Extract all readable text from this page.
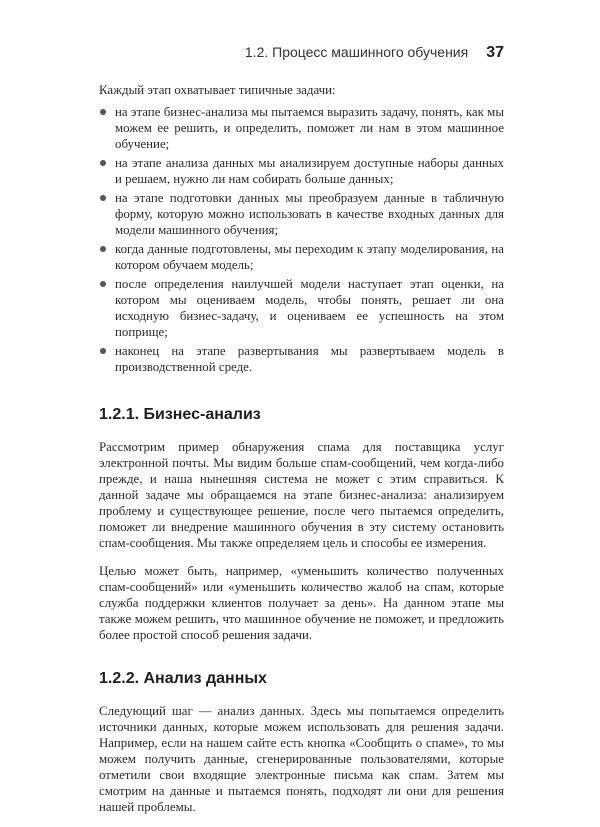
1.2. Процесс машинного обучения 37

Каждый этап охватывает типичные задачи:

на этапе бизнес-анализа мы пытаемся выразить задачу, понять, как мы можем ее решить, и определить, поможет ли нам в этом машинное обучение;

на этапе анализа данных мы анализируем доступные наборы данных и решаем, нужно ли нам собирать больше данных;

на этапе подготовки данных мы преобразуем данные в табличную форму, которую можно использовать в качестве входных данных для модели машинного обучения;

когда данные подготовлены, мы переходим к этапу моделирования, на котором обучаем модель;

после определения наилучшей модели наступает этап оценки, на котором мы оцениваем модель, чтобы понять, решает ли она исходную бизнес-задачу, и оцениваем ее успешность на этом поприще;

наконец на этапе развертывания мы развертываем модель в производственной среде.

1.2.1. Бизнес-анализ

Рассмотрим пример обнаружения спама для поставщика услуг электронной почты. Мы видим больше спам-сообщений, чем когда-либо прежде, и наша нынешняя система не может с этим справиться. К данной задаче мы обращаемся на этапе бизнес-анализа: анализируем проблему и существующее решение, после чего пытаемся определить, поможет ли внедрение машинного обучения в эту систему остановить спам-сообщения. Мы также определяем цель и способы ее измерения.

Целью может быть, например, «уменьшить количество полученных спам-сообщений» или «уменьшить количество жалоб на спам, которые служба поддержки клиентов получает за день». На данном этапе мы также можем решить, что машинное обучение не поможет, и предложить более простой способ решения задачи.

1.2.2. Анализ данных

Следующий шаг — анализ данных. Здесь мы попытаемся определить источники данных, которые можем использовать для решения задачи. Например, если на нашем сайте есть кнопка «Сообщить о спаме», то мы можем получить данные, сгенерированные пользователями, которые отметили свои входящие электронные письма как спам. Затем мы смотрим на данные и пытаемся понять, подходят ли они для решения нашей проблемы.
